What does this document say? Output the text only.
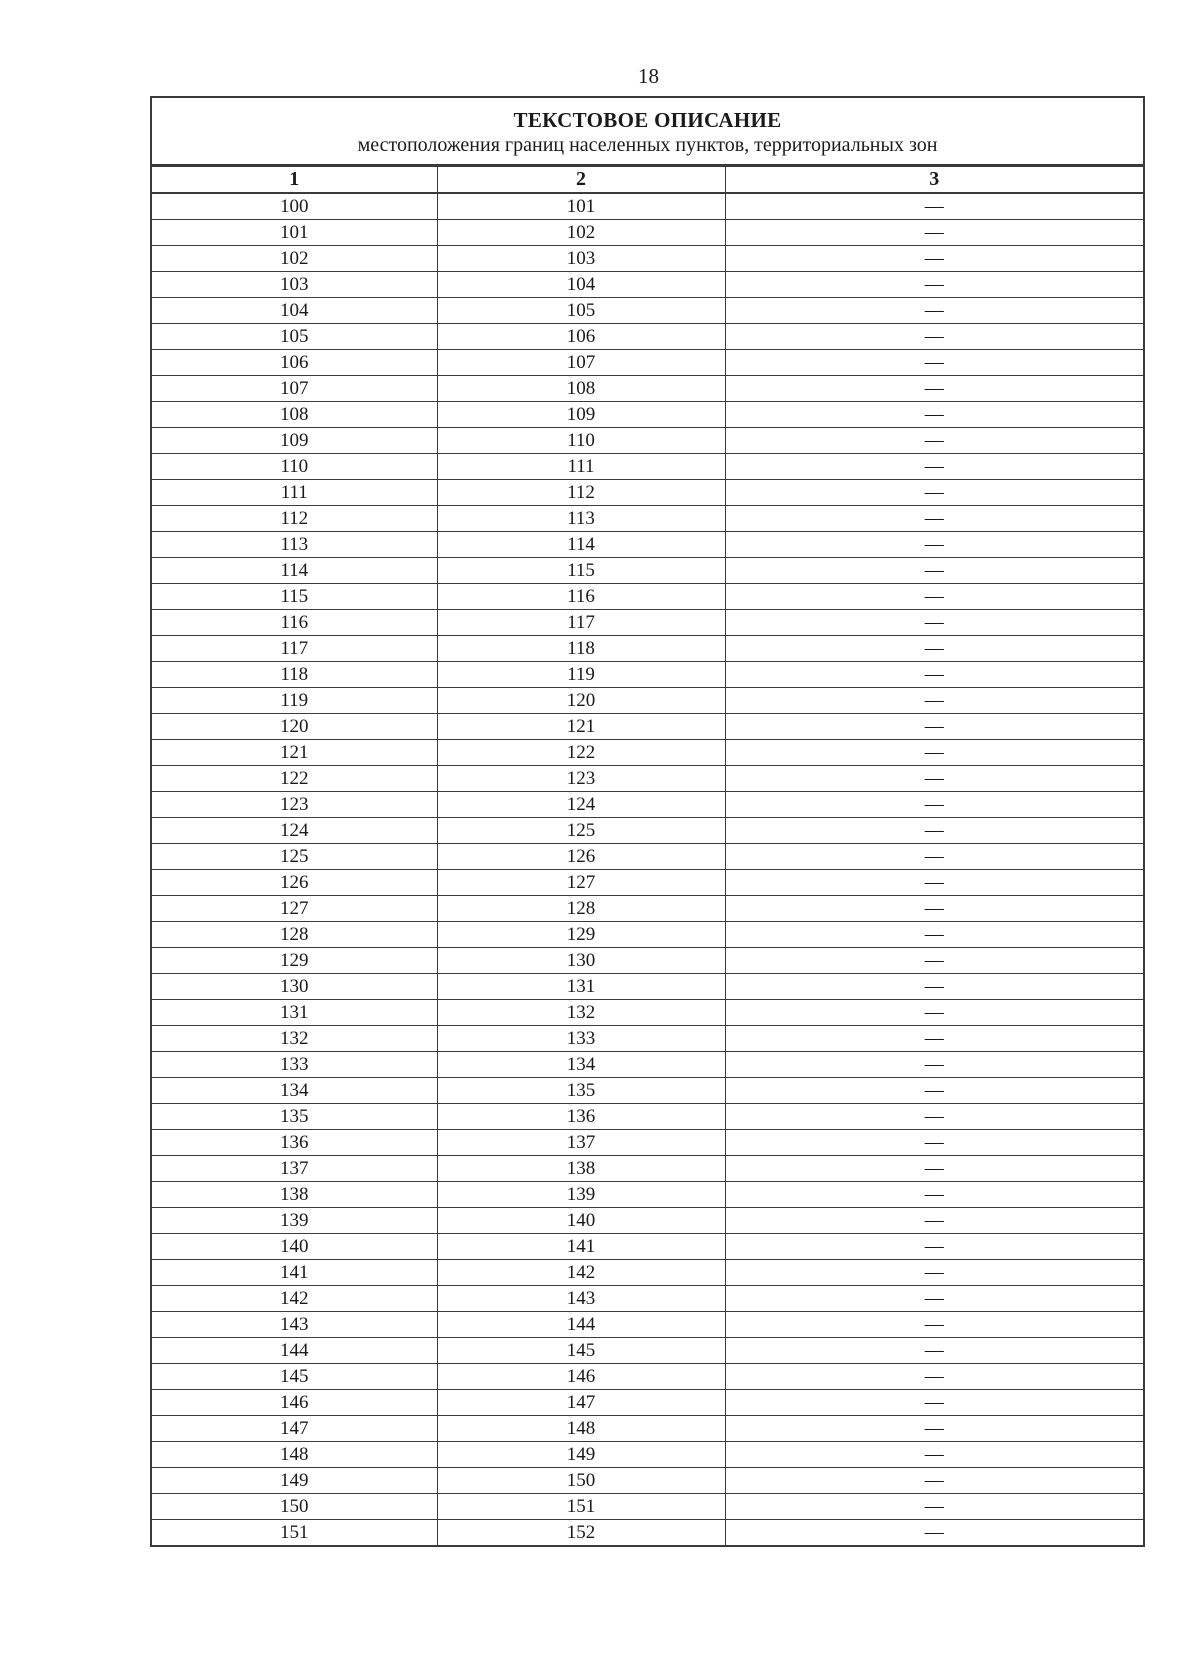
18
ТЕКСТОВОЕ ОПИСАНИЕ
местоположения границ населенных пунктов, территориальных зон
1	2	3
100	101	—
101	102	—
102	103	—
103	104	—
104	105	—
105	106	—
106	107	—
107	108	—
108	109	—
109	110	—
110	111	—
111	112	—
112	113	—
113	114	—
114	115	—
115	116	—
116	117	—
117	118	—
118	119	—
119	120	—
120	121	—
121	122	—
122	123	—
123	124	—
124	125	—
125	126	—
126	127	—
127	128	—
128	129	—
129	130	—
130	131	—
131	132	—
132	133	—
133	134	—
134	135	—
135	136	—
136	137	—
137	138	—
138	139	—
139	140	—
140	141	—
141	142	—
142	143	—
143	144	—
144	145	—
145	146	—
146	147	—
147	148	—
148	149	—
149	150	—
150	151	—
151	152	—
